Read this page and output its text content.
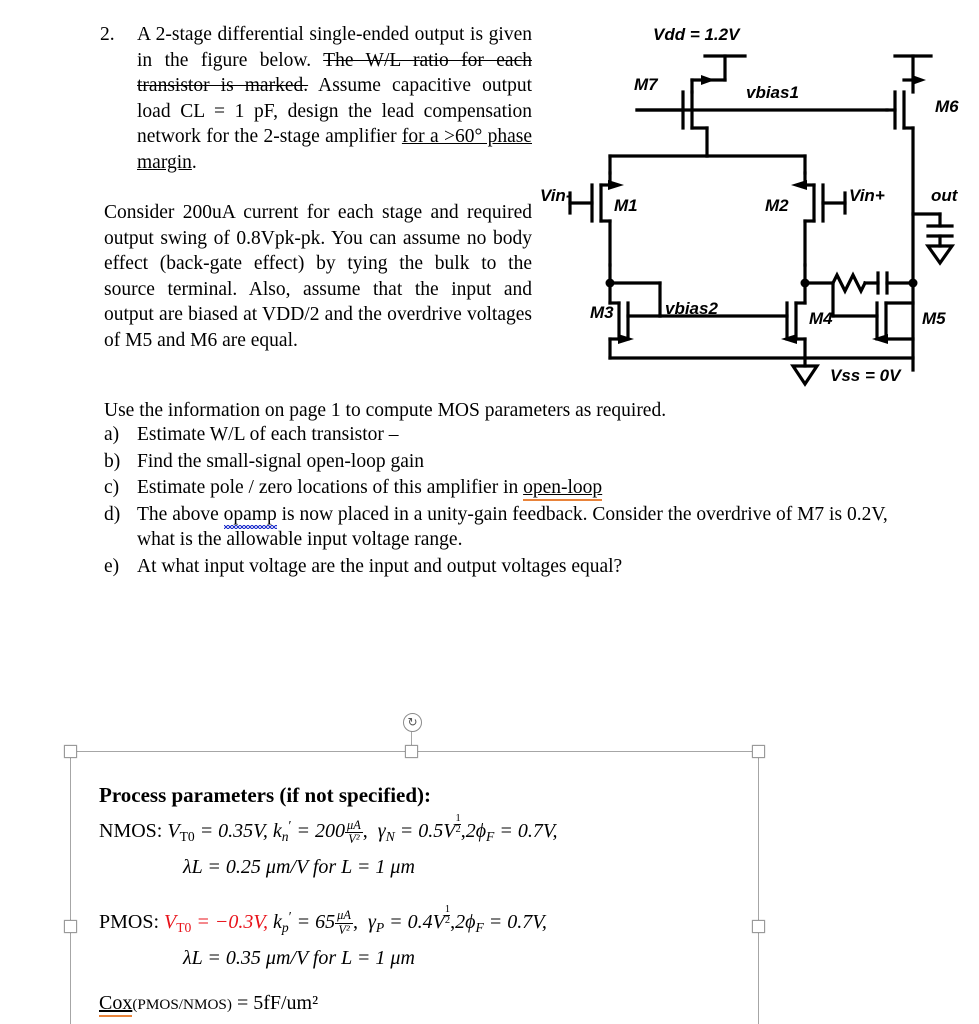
2. A 2-stage differential single-ended output is given in the figure below. The W/L ratio for each transistor is marked. Assume capacitive output load CL = 1 pF, design the lead compensation network for the 2-stage amplifier for a >60° phase margin.
Consider 200uA current for each stage and required output swing of 0.8Vpk-pk. You can assume no body effect (back-gate effect) by tying the bulk to the source terminal. Also, assume that the input and output are biased at VDD/2 and the overdrive voltages of M5 and M6 are equal.
Use the information on page 1 to compute MOS parameters as required.
a) Estimate W/L of each transistor –
b) Find the small-signal open-loop gain
c) Estimate pole / zero locations of this amplifier in open-loop
d) The above opamp is now placed in a unity-gain feedback. Consider the overdrive of M7 is 0.2V, what is the allowable input voltage range.
e) At what input voltage are the input and output voltages equal?
Vdd = 1.2V
M7	vbias1
M6
Vin-
M1	M2
Vin+	out
M3	vbias2
M4	M5
Vss = 0V
↻
Process parameters (if not specified):
NMOS: $V_{T0} = 0.35V$, $k_n' = 200 \frac{\mu A}{\text{V²}}$ ,  $\gamma_N = 0.5V \frac{1}{2} ,2\phi_F = 0.7V$,
λL = 0.25 μm/V for L = 1 μm
PMOS: $V_{T0} = -0.3V$, $k_p' = 65 \frac{\mu A}{\text{V²}}$ ,  $\gamma_P = 0.4V \frac{1}{2} ,2\phi_F = 0.7V$,
λL = 0.35 μm/V for L = 1 μm
Cox(PMOS/NMOS) = 5fF/um²
